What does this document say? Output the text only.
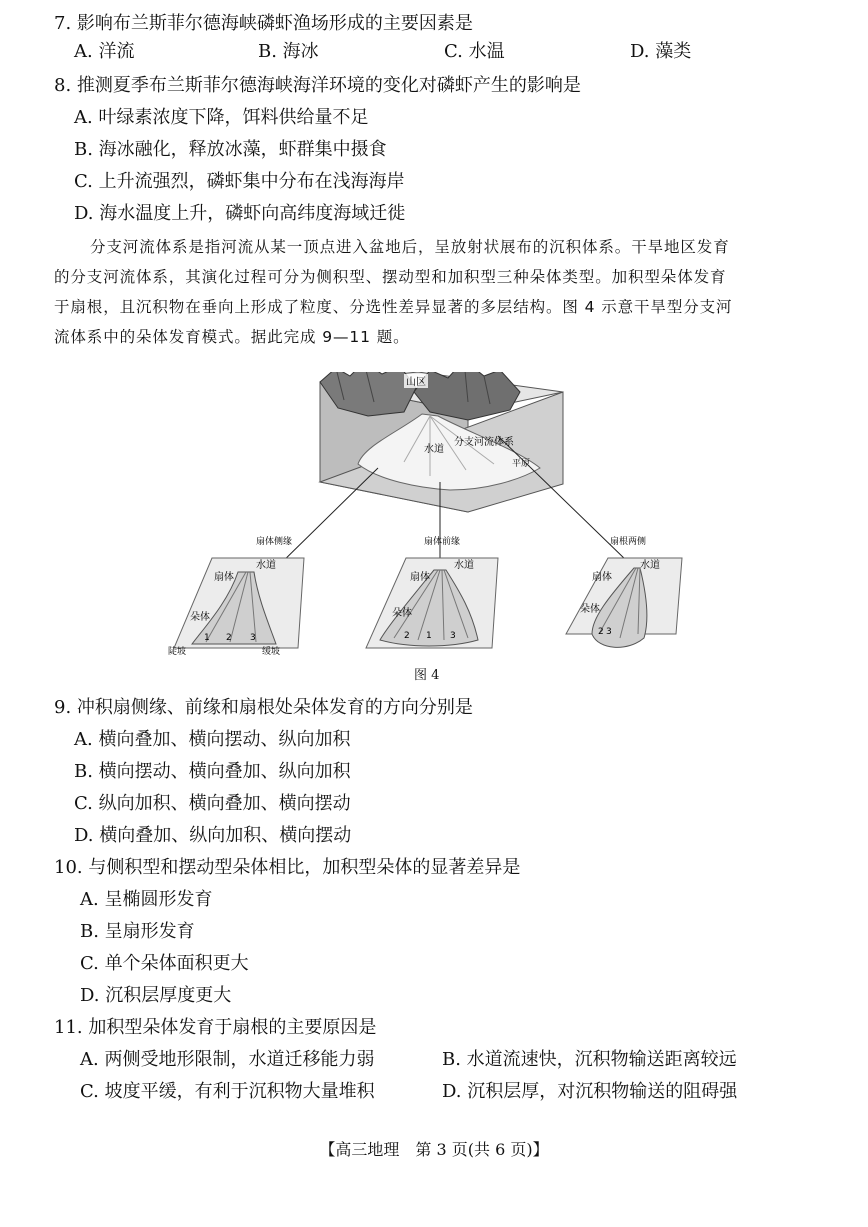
7. 影响布兰斯菲尔德海峡磷虾渔场形成的主要因素是
A. 洋流	B. 海冰	C. 水温	D. 藻类
8. 推测夏季布兰斯菲尔德海峡海洋环境的变化对磷虾产生的影响是
A. 叶绿素浓度下降，饵料供给量不足
B. 海冰融化，释放冰藻，虾群集中摄食
C. 上升流强烈，磷虾集中分布在浅海海岸
D. 海水温度上升，磷虾向高纬度海域迁徙
分支河流体系是指河流从某一顶点进入盆地后，呈放射状展布的沉积体系。干旱地区发育
的分支河流体系，其演化过程可分为侧积型、摆动型和加积型三种朵体类型。加积型朵体发育
于扇根，且沉积物在垂向上形成了粒度、分选性差异显著的多层结构。图 4 示意干旱型分支河
流体系中的朵体发育模式。据此完成 9—11 题。
山区
水道
分支河流体系
平原
扇体侧缘
扇体
水道
朵体
1 2 3
陡坡	缓坡
扇体前缘
扇体
水道
朵体
2 1 3
扇根两侧
扇体
水道
朵体
2 3
图 4
9. 冲积扇侧缘、前缘和扇根处朵体发育的方向分别是
A. 横向叠加、横向摆动、纵向加积
B. 横向摆动、横向叠加、纵向加积
C. 纵向加积、横向叠加、横向摆动
D. 横向叠加、纵向加积、横向摆动
10. 与侧积型和摆动型朵体相比，加积型朵体的显著差异是
A. 呈椭圆形发育
B. 呈扇形发育
C. 单个朵体面积更大
D. 沉积层厚度更大
11. 加积型朵体发育于扇根的主要原因是
A. 两侧受地形限制，水道迁移能力弱	B. 水道流速快，沉积物输送距离较远
C. 坡度平缓，有利于沉积物大量堆积	D. 沉积层厚，对沉积物输送的阻碍强
【高三地理　第 3 页(共 6 页)】
